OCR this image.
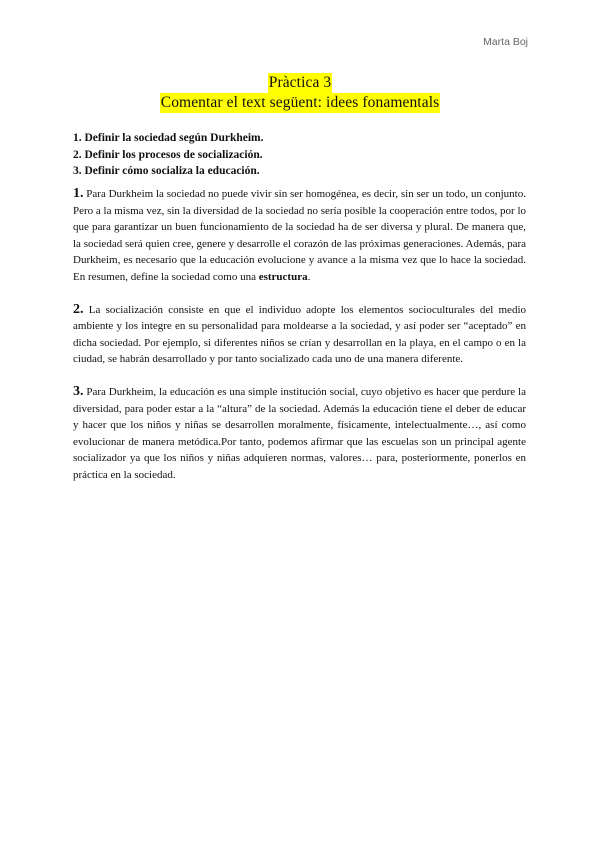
Marta Boj
Pràctica 3
Comentar el text següent: idees fonamentals
1. Definir la sociedad según Durkheim.
2. Definir los procesos de socialización.
3. Definir cómo socializa la educación.

1. Para Durkheim la sociedad no puede vivir sin ser homogénea, es decir, sin ser un todo, un conjunto. Pero a la misma vez, sin la diversidad de la sociedad no sería posible la cooperación entre todos, por lo que para garantizar un buen funcionamiento de la sociedad ha de ser diversa y plural. De manera que, la sociedad será quien cree, genere y desarrolle el corazón de las próximas generaciones. Además, para Durkheim, es necesario que la educación evolucione y avance a la misma vez que lo hace la sociedad. En resumen, define la sociedad como una estructura.

2. La socialización consiste en que el individuo adopte los elementos socioculturales del medio ambiente y los integre en su personalidad para moldearse a la sociedad, y así poder ser “aceptado” en dicha sociedad. Por ejemplo, si diferentes niños se crían y desarrollan en la playa, en el campo o en la ciudad, se habrán desarrollado y por tanto socializado cada uno de una manera diferente.

3. Para Durkheim, la educación es una simple institución social, cuyo objetivo es hacer que perdure la diversidad, para poder estar a la “altura” de la sociedad. Además la educación tiene el deber de educar y hacer que los niños y niñas se desarrollen moralmente, físicamente, intelectualmente…, así como evolucionar de manera metódica.Por tanto, podemos afirmar que las escuelas son un principal agente socializador ya que los niños y niñas adquieren normas, valores… para, posteriormente, ponerlos en práctica en la sociedad.
